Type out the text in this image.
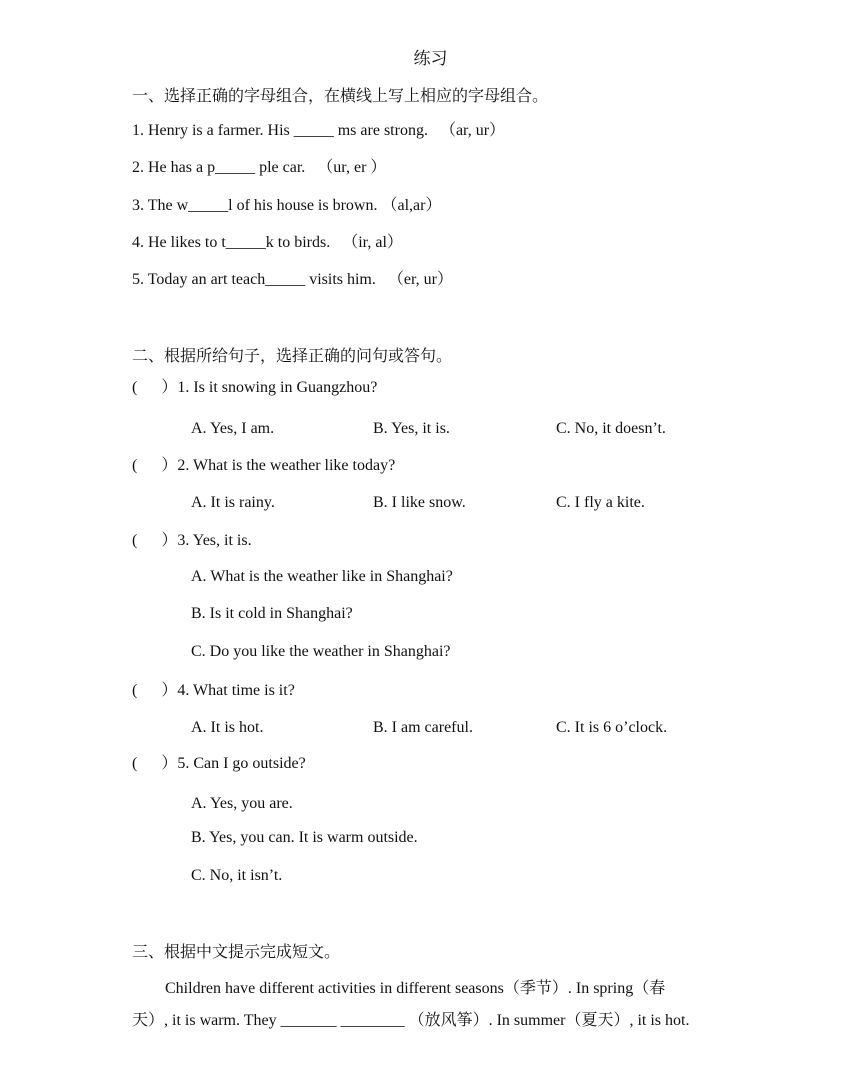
练习
一、选择正确的字母组合，在横线上写上相应的字母组合。
1. Henry is a farmer. His _____ ms are strong.   （ar, ur）
2. He has a p_____ ple car.   （ur, er ）
3. The w_____l of his house is brown. （al,ar）
4. He likes to t_____k to birds.   （ir, al）
5. Today an art teach_____ visits him.   （er, ur）
二、根据所给句子，选择正确的问句或答句。
(      ）1. Is it snowing in Guangzhou?
A. Yes, I am.	B. Yes, it is.	C. No, it doesn’t.
(      ）2. What is the weather like today?
A. It is rainy.	B. I like snow.	C. I fly a kite.
(      ）3. Yes, it is.
A. What is the weather like in Shanghai?
B. Is it cold in Shanghai?
C. Do you like the weather in Shanghai?
(      ）4. What time is it?
A. It is hot.	B. I am careful.	C. It is 6 o’clock.
(      ）5. Can I go outside?
A. Yes, you are.
B. Yes, you can. It is warm outside.
C. No, it isn’t.
三、根据中文提示完成短文。
Children have different activities in different seasons（季节）. In spring（春
天）, it is warm. They _______ ________ （放风筝）. In summer（夏天）, it is hot.
